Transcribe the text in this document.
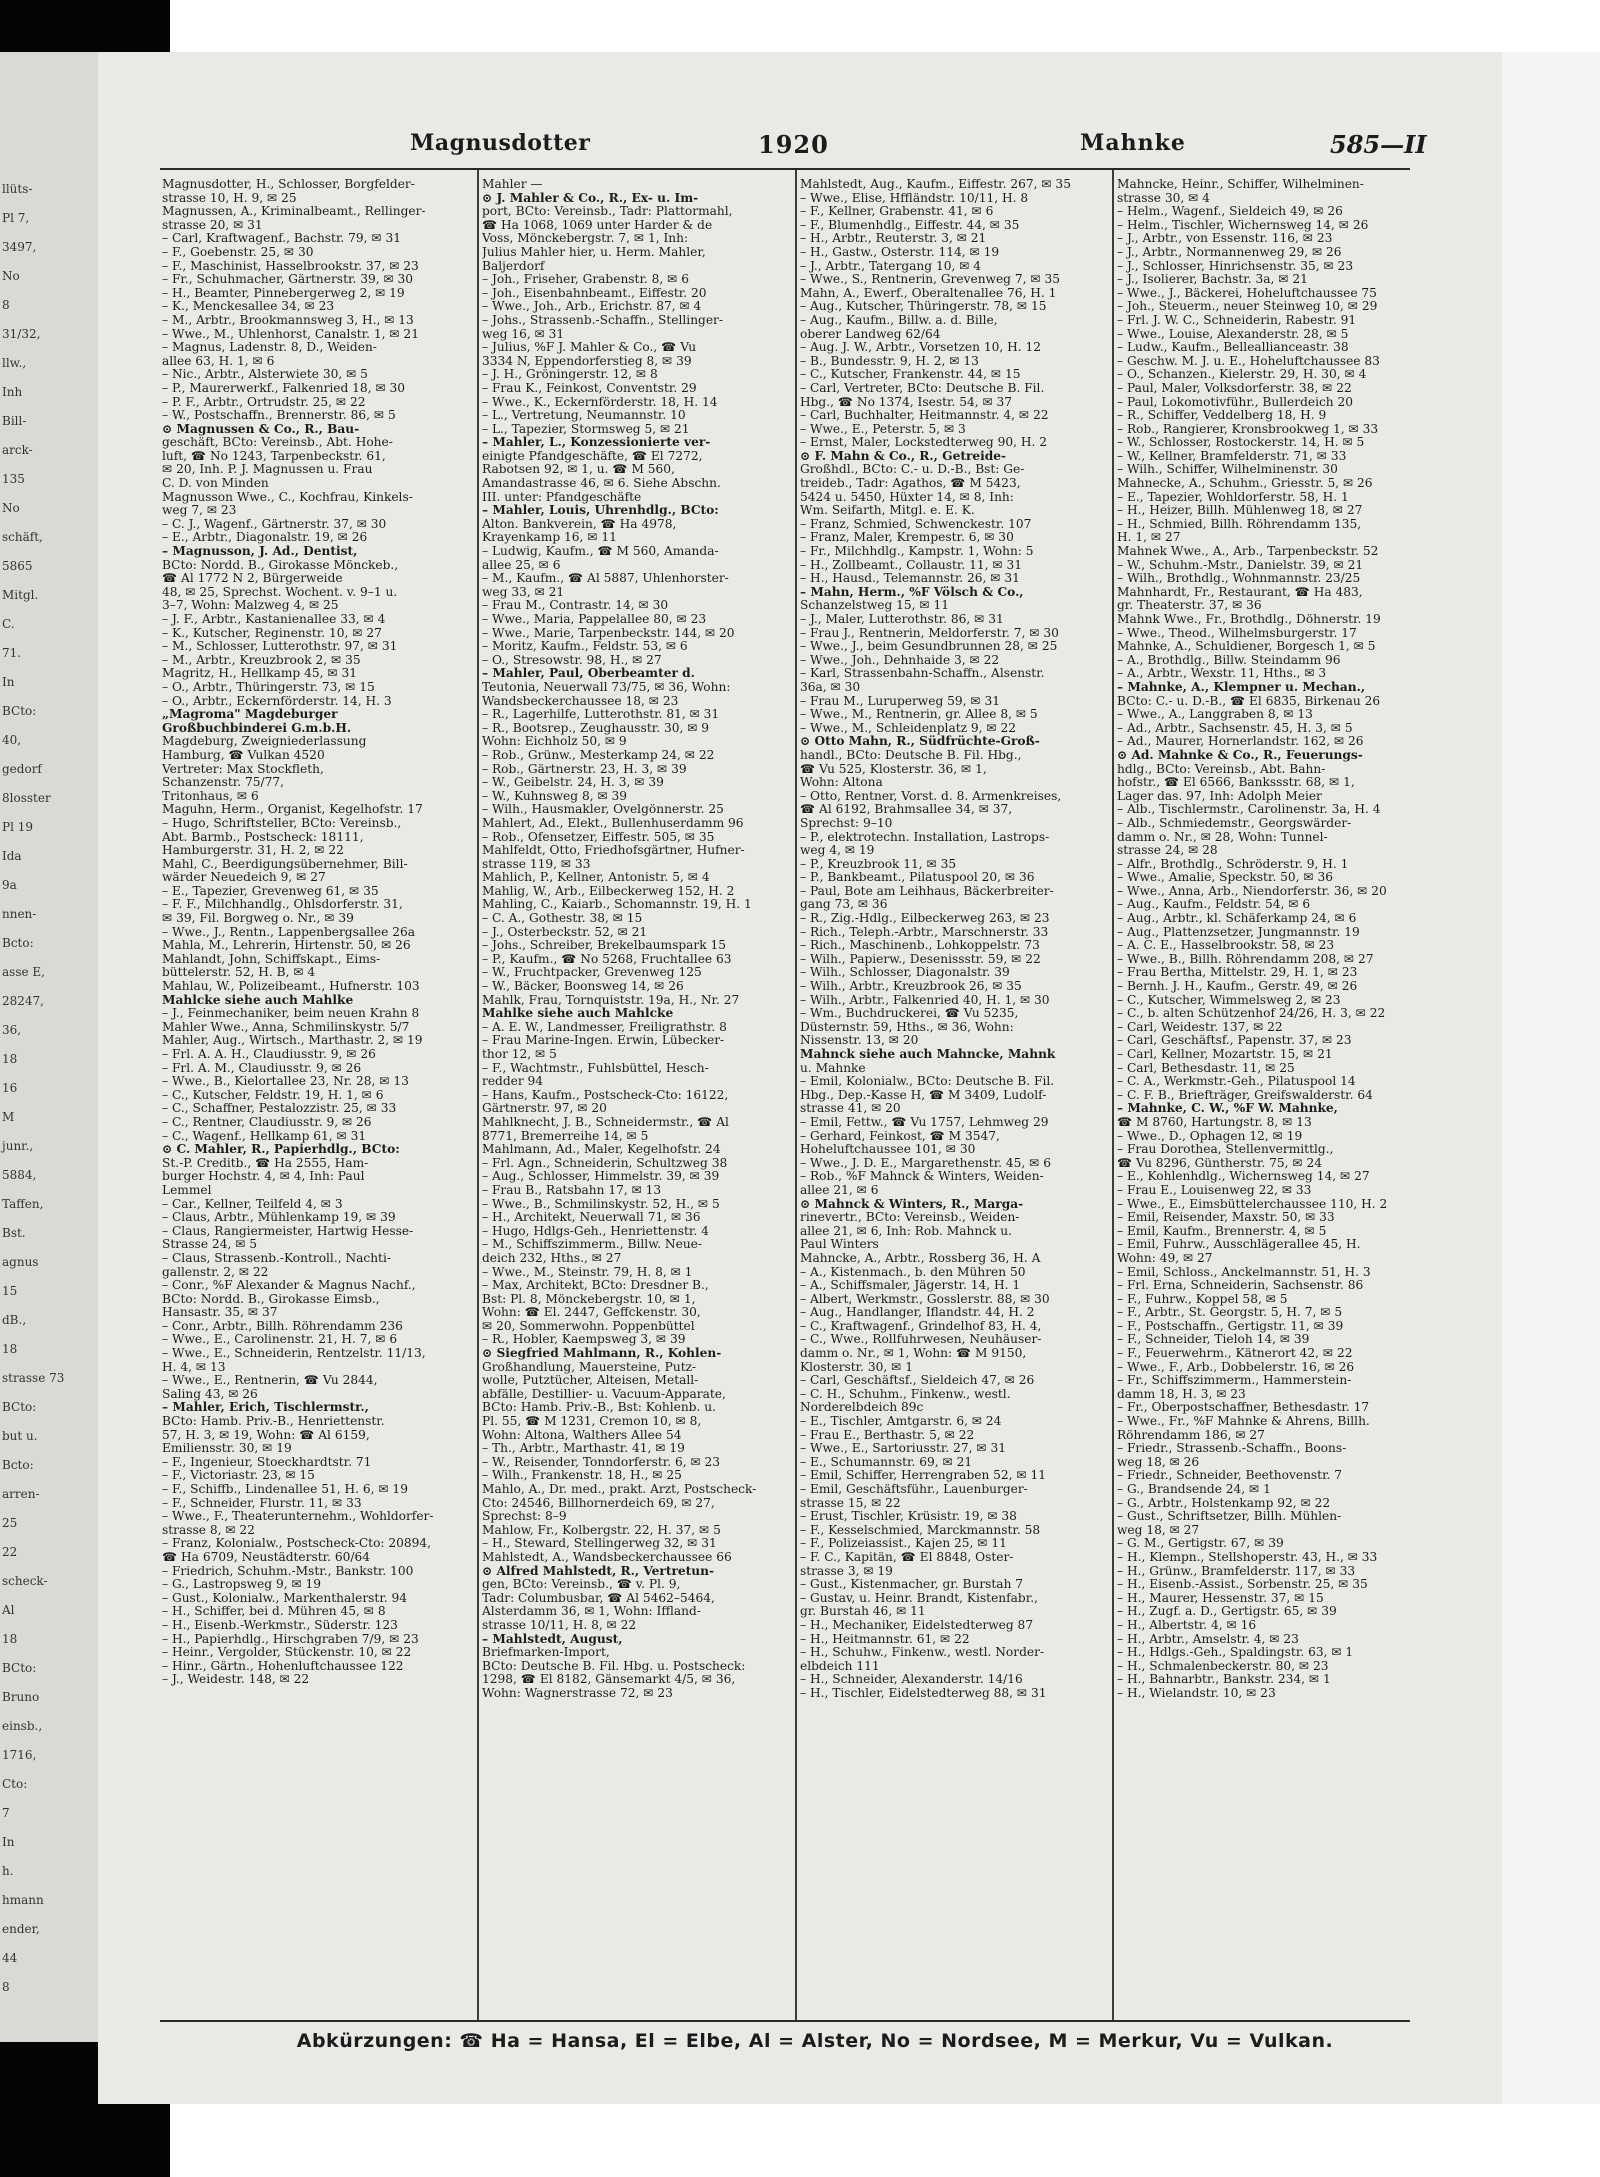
llüts-
Pl 7,
3497,
No
8
31/32,
llw.,
Inh
Bill-
arck-
135
No
schäft,
5865
Mitgl.
C.
71.
In
BCto:
40,
gedorf
8losster
Pl 19
Ida
9a
nnen-
Bcto:
asse E,
28247,
36,
18
16
M
junr.,
5884,
Taffen,
Bst.
agnus
15
dB.,
18
strasse 73
BCto:
but u.
Bcto:
arren-
25
22
scheck-
Al
18
BCto:
Bruno
einsb.,
1716,
Cto:
7
In
h.
hmann
ender,
44
8
Magnusdotter	1920	Mahnke	585—II
Magnusdotter, H., Schlosser, Borgfelder-
strasse 10, H. 9, ✉ 25
Magnussen, A., Kriminalbeamt., Rellinger-
strasse 20, ✉ 31
– Carl, Kraftwagenf., Bachstr. 79, ✉ 31
– F., Goebenstr. 25, ✉ 30
– F., Maschinist, Hasselbrookstr. 37, ✉ 23
– Fr., Schuhmacher, Gärtnerstr. 39, ✉ 30
– H., Beamter, Pinnebergerweg 2, ✉ 19
– K., Menckesallee 34, ✉ 23
– M., Arbtr., Brookmannsweg 3, H., ✉ 13
– Wwe., M., Uhlenhorst, Canalstr. 1, ✉ 21
– Magnus, Ladenstr. 8, D., Weiden-
allee 63, H. 1, ✉ 6
– Nic., Arbtr., Alsterwiete 30, ✉ 5
– P., Maurerwerkf., Falkenried 18, ✉ 30
– P. F., Arbtr., Ortrudstr. 25, ✉ 22
– W., Postschaffn., Brennerstr. 86, ✉ 5
⊙ Magnussen & Co., R., Bau-
geschäft, BCto: Vereinsb., Abt. Hohe-
luft, ☎ No 1243, Tarpenbeckstr. 61,
✉ 20, Inh. P. J. Magnussen u. Frau
C. D. von Minden
Magnusson Wwe., C., Kochfrau, Kinkels-
weg 7, ✉ 23
– C. J., Wagenf., Gärtnerstr. 37, ✉ 30
– E., Arbtr., Diagonalstr. 19, ✉ 26
– Magnusson, J. Ad., Dentist,
BCto: Nordd. B., Girokasse Mönckeb.,
☎ Al 1772 N 2, Bürgerweide
48, ✉ 25, Sprechst. Wochent. v. 9–1 u.
3–7, Wohn: Malzweg 4, ✉ 25
– J. F., Arbtr., Kastanienallee 33, ✉ 4
– K., Kutscher, Reginenstr. 10, ✉ 27
– M., Schlosser, Lutterothstr. 97, ✉ 31
– M., Arbtr., Kreuzbrook 2, ✉ 35
Magritz, H., Hellkamp 45, ✉ 31
– O., Arbtr., Thüringerstr. 73, ✉ 15
– O., Arbtr., Eckernförderstr. 14, H. 3
„Magroma" Magdeburger
Großbuchbinderei G.m.b.H.
Magdeburg, Zweigniederlassung
Hamburg, ☎ Vulkan 4520
Vertreter: Max Stockfleth,
Schanzenstr. 75/77,
Tritonhaus, ✉ 6
Maguhn, Herm., Organist, Kegelhofstr. 17
– Hugo, Schriftsteller, BCto: Vereinsb.,
Abt. Barmb., Postscheck: 18111,
Hamburgerstr. 31, H. 2, ✉ 22
Mahl, C., Beerdigungsübernehmer, Bill-
wärder Neuedeich 9, ✉ 27
– E., Tapezier, Grevenweg 61, ✉ 35
– F. F., Milchhandlg., Ohlsdorferstr. 31,
✉ 39, Fil. Borgweg o. Nr., ✉ 39
– Wwe., J., Rentn., Lappenbergsallee 26a
Mahla, M., Lehrerin, Hirtenstr. 50, ✉ 26
Mahlandt, John, Schiffskapt., Eims-
büttelerstr. 52, H. B, ✉ 4
Mahlau, W., Polizeibeamt., Hufnerstr. 103
Mahlcke siehe auch Mahlke
– J., Feinmechaniker, beim neuen Krahn 8
Mahler Wwe., Anna, Schmilinskystr. 5/7
Mahler, Aug., Wirtsch., Marthastr. 2, ✉ 19
– Frl. A. A. H., Claudiusstr. 9, ✉ 26
– Frl. A. M., Claudiusstr. 9, ✉ 26
– Wwe., B., Kielortallee 23, Nr. 28, ✉ 13
– C., Kutscher, Feldstr. 19, H. 1, ✉ 6
– C., Schaffner, Pestalozzistr. 25, ✉ 33
– C., Rentner, Claudiusstr. 9, ✉ 26
– C., Wagenf., Hellkamp 61, ✉ 31
⊙ C. Mahler, R., Papierhdlg., BCto:
St.-P. Creditb., ☎ Ha 2555, Ham-
burger Hochstr. 4, ✉ 4, Inh: Paul
Lemmel
– Car., Kellner, Teilfeld 4, ✉ 3
– Claus, Arbtr., Mühlenkamp 19, ✉ 39
– Claus, Rangiermeister, Hartwig Hesse-
Strasse 24, ✉ 5
– Claus, Strassenb.-Kontroll., Nachti-
gallenstr. 2, ✉ 22
– Conr., %F Alexander & Magnus Nachf.,
BCto: Nordd. B., Girokasse Eimsb.,
Hansastr. 35, ✉ 37
– Conr., Arbtr., Billh. Röhrendamm 236
– Wwe., E., Carolinenstr. 21, H. 7, ✉ 6
– Wwe., E., Schneiderin, Rentzelstr. 11/13,
H. 4, ✉ 13
– Wwe., E., Rentnerin, ☎ Vu 2844,
Saling 43, ✉ 26
– Mahler, Erich, Tischlermstr.,
BCto: Hamb. Priv.-B., Henriettenstr.
57, H. 3, ✉ 19, Wohn: ☎ Al 6159,
Emiliensstr. 30, ✉ 19
– F., Ingenieur, Stoeckhardtstr. 71
– F., Victoriastr. 23, ✉ 15
– F., Schiffb., Lindenallee 51, H. 6, ✉ 19
– F., Schneider, Flurstr. 11, ✉ 33
– Wwe., F., Theaterunternehm., Wohldorfer-
strasse 8, ✉ 22
– Franz, Kolonialw., Postscheck-Cto: 20894,
☎ Ha 6709, Neustädterstr. 60/64
– Friedrich, Schuhm.-Mstr., Bankstr. 100
– G., Lastropsweg 9, ✉ 19
– Gust., Kolonialw., Markenthalerstr. 94
– H., Schiffer, bei d. Mühren 45, ✉ 8
– H., Eisenb.-Werkmstr., Süderstr. 123
– H., Papierhdlg., Hirschgraben 7/9, ✉ 23
– Heinr., Vergolder, Stückenstr. 10, ✉ 22
– Hinr., Gärtn., Hohenluftchaussee 122
– J., Weidestr. 148, ✉ 22
Mahler —
⊙ J. Mahler & Co., R., Ex- u. Im-
port, BCto: Vereinsb., Tadr: Plattormahl,
☎ Ha 1068, 1069 unter Harder & de
Voss, Mönckebergstr. 7, ✉ 1, Inh:
Julius Mahler hier, u. Herm. Mahler,
Baljerdorf
– Joh., Friseher, Grabenstr. 8, ✉ 6
– Joh., Eisenbahnbeamt., Eiffestr. 20
– Wwe., Joh., Arb., Erichstr. 87, ✉ 4
– Johs., Strassenb.-Schaffn., Stellinger-
weg 16, ✉ 31
– Julius, %F J. Mahler & Co., ☎ Vu
3334 N, Eppendorferstieg 8, ✉ 39
– J. H., Gröningerstr. 12, ✉ 8
– Frau K., Feinkost, Conventstr. 29
– Wwe., K., Eckernförderstr. 18, H. 14
– L., Vertretung, Neumannstr. 10
– L., Tapezier, Stormsweg 5, ✉ 21
– Mahler, L., Konzessionierte ver-
einigte Pfandgeschäfte, ☎ El 7272,
Rabotsen 92, ✉ 1, u. ☎ M 560,
Amandastrasse 46, ✉ 6. Siehe Abschn.
III. unter: Pfandgeschäfte
– Mahler, Louis, Uhrenhdlg., BCto:
Alton. Bankverein, ☎ Ha 4978,
Krayenkamp 16, ✉ 11
– Ludwig, Kaufm., ☎ M 560, Amanda-
allee 25, ✉ 6
– M., Kaufm., ☎ Al 5887, Uhlenhorster-
weg 33, ✉ 21
– Frau M., Contrastr. 14, ✉ 30
– Wwe., Maria, Pappelallee 80, ✉ 23
– Wwe., Marie, Tarpenbeckstr. 144, ✉ 20
– Moritz, Kaufm., Feldstr. 53, ✉ 6
– O., Stresowstr. 98, H., ✉ 27
– Mahler, Paul, Oberbeamter d.
Teutonia, Neuerwall 73/75, ✉ 36, Wohn:
Wandsbeckerchaussee 18, ✉ 23
– R., Lagerhilfe, Lutterothstr. 81, ✉ 31
– R., Bootsrep., Zeughausstr. 30, ✉ 9
Wohn: Eichholz 50, ✉ 9
– Rob., Grünw., Mesterkamp 24, ✉ 22
– Rob., Gärtnerstr. 23, H. 3, ✉ 39
– W., Geibelstr. 24, H. 3, ✉ 39
– W., Kuhnsweg 8, ✉ 39
– Wilh., Hausmakler, Ovelgönnerstr. 25
Mahlert, Ad., Elekt., Bullenhuserdamm 96
– Rob., Ofensetzer, Eiffestr. 505, ✉ 35
Mahlfeldt, Otto, Friedhofsgärtner, Hufner-
strasse 119, ✉ 33
Mahlich, P., Kellner, Antonistr. 5, ✉ 4
Mahlig, W., Arb., Eilbeckerweg 152, H. 2
Mahling, C., Kaiarb., Schomannstr. 19, H. 1
– C. A., Gothestr. 38, ✉ 15
– J., Osterbeckstr. 52, ✉ 21
– Johs., Schreiber, Brekelbaumspark 15
– P., Kaufm., ☎ No 5268, Fruchtallee 63
– W., Fruchtpacker, Grevenweg 125
– W., Bäcker, Boonsweg 14, ✉ 26
Mahlk, Frau, Tornquiststr. 19a, H., Nr. 27
Mahlke siehe auch Mahlcke
– A. E. W., Landmesser, Freiligrathstr. 8
– Frau Marine-Ingen. Erwin, Lübecker-
thor 12, ✉ 5
– F., Wachtmstr., Fuhlsbüttel, Hesch-
redder 94
– Hans, Kaufm., Postscheck-Cto: 16122,
Gärtnerstr. 97, ✉ 20
Mahlknecht, J. B., Schneidermstr., ☎ Al
8771, Bremerreihe 14, ✉ 5
Mahlmann, Ad., Maler, Kegelhofstr. 24
– Frl. Agn., Schneiderin, Schultzweg 38
– Aug., Schlosser, Himmelstr. 39, ✉ 39
– Frau B., Ratsbahn 17, ✉ 13
– Wwe., B., Schmilinskystr. 52, H., ✉ 5
– H., Architekt, Neuerwall 71, ✉ 36
– Hugo, Hdlgs-Geh., Henriettenstr. 4
– M., Schiffszimmerm., Billw. Neue-
deich 232, Hths., ✉ 27
– Wwe., M., Steinstr. 79, H. 8, ✉ 1
– Max, Architekt, BCto: Dresdner B.,
Bst: Pl. 8, Mönckebergstr. 10, ✉ 1,
Wohn: ☎ El. 2447, Geffckenstr. 30,
✉ 20, Sommerwohn. Poppenbüttel
– R., Hobler, Kaempsweg 3, ✉ 39
⊙ Siegfried Mahlmann, R., Kohlen-
Großhandlung, Mauersteine, Putz-
wolle, Putztücher, Alteisen, Metall-
abfälle, Destillier- u. Vacuum-Apparate,
BCto: Hamb. Priv.-B., Bst: Kohlenb. u.
Pl. 55, ☎ M 1231, Cremon 10, ✉ 8,
Wohn: Altona, Walthers Allee 54
– Th., Arbtr., Marthastr. 41, ✉ 19
– W., Reisender, Tonndorferstr. 6, ✉ 23
– Wilh., Frankenstr. 18, H., ✉ 25
Mahlo, A., Dr. med., prakt. Arzt, Postscheck-
Cto: 24546, Billhornerdeich 69, ✉ 27,
Sprechst: 8–9
Mahlow, Fr., Kolbergstr. 22, H. 37, ✉ 5
– H., Steward, Stellingerweg 32, ✉ 31
Mahlstedt, A., Wandsbeckerchaussee 66
⊙ Alfred Mahlstedt, R., Vertretun-
gen, BCto: Vereinsb., ☎ v. Pl. 9,
Tadr: Columbusbar, ☎ Al 5462–5464,
Alsterdamm 36, ✉ 1, Wohn: Iffland-
strasse 10/11, H. 8, ✉ 22
– Mahlstedt, August,
Briefmarken-Import,
BCto: Deutsche B. Fil. Hbg. u. Postscheck:
1298, ☎ El 8182, Gänsemarkt 4/5, ✉ 36,
Wohn: Wagnerstrasse 72, ✉ 23
Mahlstedt, Aug., Kaufm., Eiffestr. 267, ✉ 35
– Wwe., Elise, Hffländstr. 10/11, H. 8
– F., Kellner, Grabenstr. 41, ✉ 6
– F., Blumenhdlg., Eiffestr. 44, ✉ 35
– H., Arbtr., Reuterstr. 3, ✉ 21
– H., Gastw., Osterstr. 114, ✉ 19
– J., Arbtr., Tatergang 10, ✉ 4
– Wwe., S., Rentnerin, Grevenweg 7, ✉ 35
Mahn, A., Ewerf., Oberaltenallee 76, H. 1
– Aug., Kutscher, Thüringerstr. 78, ✉ 15
– Aug., Kaufm., Billw. a. d. Bille,
oberer Landweg 62/64
– Aug. J. W., Arbtr., Vorsetzen 10, H. 12
– B., Bundesstr. 9, H. 2, ✉ 13
– C., Kutscher, Frankenstr. 44, ✉ 15
– Carl, Vertreter, BCto: Deutsche B. Fil.
Hbg., ☎ No 1374, Isestr. 54, ✉ 37
– Carl, Buchhalter, Heitmannstr. 4, ✉ 22
– Wwe., E., Peterstr. 5, ✉ 3
– Ernst, Maler, Lockstedterweg 90, H. 2
⊙ F. Mahn & Co., R., Getreide-
Großhdl., BCto: C.- u. D.-B., Bst: Ge-
treideb., Tadr: Agathos, ☎ M 5423,
5424 u. 5450, Hüxter 14, ✉ 8, Inh:
Wm. Seifarth, Mitgl. e. E. K.
– Franz, Schmied, Schwenckestr. 107
– Franz, Maler, Krempestr. 6, ✉ 30
– Fr., Milchhdlg., Kampstr. 1, Wohn: 5
– H., Zollbeamt., Collaustr. 11, ✉ 31
– H., Hausd., Telemannstr. 26, ✉ 31
– Mahn, Herm., %F Völsch & Co.,
Schanzelstweg 15, ✉ 11
– J., Maler, Lutterothstr. 86, ✉ 31
– Frau J., Rentnerin, Meldorferstr. 7, ✉ 30
– Wwe., J., beim Gesundbrunnen 28, ✉ 25
– Wwe., Joh., Dehnhaide 3, ✉ 22
– Karl, Strassenbahn-Schaffn., Alsenstr.
36a, ✉ 30
– Frau M., Luruperweg 59, ✉ 31
– Wwe., M., Rentnerin, gr. Allee 8, ✉ 5
– Wwe., M., Schleidenplatz 9, ✉ 22
⊙ Otto Mahn, R., Südfrüchte-Groß-
handl., BCto: Deutsche B. Fil. Hbg.,
☎ Vu 525, Klosterstr. 36, ✉ 1,
Wohn: Altona
– Otto, Rentner, Vorst. d. 8. Armenkreises,
☎ Al 6192, Brahmsallee 34, ✉ 37,
Sprechst: 9–10
– P., elektrotechn. Installation, Lastrops-
weg 4, ✉ 19
– P., Kreuzbrook 11, ✉ 35
– P., Bankbeamt., Pilatuspool 20, ✉ 36
– Paul, Bote am Leihhaus, Bäckerbreiter-
gang 73, ✉ 36
– R., Zig.-Hdlg., Eilbeckerweg 263, ✉ 23
– Rich., Teleph.-Arbtr., Marschnerstr. 33
– Rich., Maschinenb., Lohkoppelstr. 73
– Wilh., Papierw., Desenissstr. 59, ✉ 22
– Wilh., Schlosser, Diagonalstr. 39
– Wilh., Arbtr., Kreuzbrook 26, ✉ 35
– Wilh., Arbtr., Falkenried 40, H. 1, ✉ 30
– Wm., Buchdruckerei, ☎ Vu 5235,
Düsternstr. 59, Hths., ✉ 36, Wohn:
Nissenstr. 13, ✉ 20
Mahnck siehe auch Mahncke, Mahnk
u. Mahnke
– Emil, Kolonialw., BCto: Deutsche B. Fil.
Hbg., Dep.-Kasse H, ☎ M 3409, Ludolf-
strasse 41, ✉ 20
– Emil, Fettw., ☎ Vu 1757, Lehmweg 29
– Gerhard, Feinkost, ☎ M 3547,
Hoheluftchaussee 101, ✉ 30
– Wwe., J. D. E., Margarethenstr. 45, ✉ 6
– Rob., %F Mahnck & Winters, Weiden-
allee 21, ✉ 6
⊙ Mahnck & Winters, R., Marga-
rinevertr., BCto: Vereinsb., Weiden-
allee 21, ✉ 6, Inh: Rob. Mahnck u.
Paul Winters
Mahncke, A., Arbtr., Rossberg 36, H. A
– A., Kistenmach., b. den Mühren 50
– A., Schiffsmaler, Jägerstr. 14, H. 1
– Albert, Werkmstr., Gosslerstr. 88, ✉ 30
– Aug., Handlanger, Iflandstr. 44, H. 2
– C., Kraftwagenf., Grindelhof 83, H. 4,
– C., Wwe., Rollfuhrwesen, Neuhäuser-
damm o. Nr., ✉ 1, Wohn: ☎ M 9150,
Klosterstr. 30, ✉ 1
– Carl, Geschäftsf., Sieldeich 47, ✉ 26
– C. H., Schuhm., Finkenw., westl.
Norderelbdeich 89c
– E., Tischler, Amtgarstr. 6, ✉ 24
– Frau E., Berthastr. 5, ✉ 22
– Wwe., E., Sartoriusstr. 27, ✉ 31
– E., Schumannstr. 69, ✉ 21
– Emil, Schiffer, Herrengraben 52, ✉ 11
– Emil, Geschäftsführ., Lauenburger-
strasse 15, ✉ 22
– Erust, Tischler, Krüsistr. 19, ✉ 38
– F., Kesselschmied, Marckmannstr. 58
– F., Polizeiassist., Kajen 25, ✉ 11
– F. C., Kapitän, ☎ El 8848, Oster-
strasse 3, ✉ 19
– Gust., Kistenmacher, gr. Burstah 7
– Gustav, u. Heinr. Brandt, Kistenfabr.,
gr. Burstah 46, ✉ 11
– H., Mechaniker, Eidelstedterweg 87
– H., Heitmannstr. 61, ✉ 22
– H., Schuhw., Finkenw., westl. Norder-
elbdeich 111
– H., Schneider, Alexanderstr. 14/16
– H., Tischler, Eidelstedterweg 88, ✉ 31
Mahncke, Heinr., Schiffer, Wilhelminen-
strasse 30, ✉ 4
– Helm., Wagenf., Sieldeich 49, ✉ 26
– Helm., Tischler, Wichernsweg 14, ✉ 26
– J., Arbtr., von Essenstr. 116, ✉ 23
– J., Arbtr., Normannenweg 29, ✉ 26
– J., Schlosser, Hinrichsenstr. 35, ✉ 23
– J., Isolierer, Bachstr. 3a, ✉ 21
– Wwe., J., Bäckerei, Hoheluftchaussee 75
– Joh., Steuerm., neuer Steinweg 10, ✉ 29
– Frl. J. W. C., Schneiderin, Rabestr. 91
– Wwe., Louise, Alexanderstr. 28, ✉ 5
– Ludw., Kaufm., Belleallianceastr. 38
– Geschw. M. J. u. E., Hoheluftchaussee 83
– O., Schanzen., Kielerstr. 29, H. 30, ✉ 4
– Paul, Maler, Volksdorferstr. 38, ✉ 22
– Paul, Lokomotivführ., Bullerdeich 20
– R., Schiffer, Veddelberg 18, H. 9
– Rob., Rangierer, Kronsbrookweg 1, ✉ 33
– W., Schlosser, Rostockerstr. 14, H. ✉ 5
– W., Kellner, Bramfelderstr. 71, ✉ 33
– Wilh., Schiffer, Wilhelminenstr. 30
Mahnecke, A., Schuhm., Griesstr. 5, ✉ 26
– E., Tapezier, Wohldorferstr. 58, H. 1
– H., Heizer, Billh. Mühlenweg 18, ✉ 27
– H., Schmied, Billh. Röhrendamm 135,
H. 1, ✉ 27
Mahnek Wwe., A., Arb., Tarpenbeckstr. 52
– W., Schuhm.-Mstr., Danielstr. 39, ✉ 21
– Wilh., Brothdlg., Wohnmannstr. 23/25
Mahnhardt, Fr., Restaurant, ☎ Ha 483,
gr. Theaterstr. 37, ✉ 36
Mahnk Wwe., Fr., Brothdlg., Döhnerstr. 19
– Wwe., Theod., Wilhelmsburgerstr. 17
Mahnke, A., Schuldiener, Borgesch 1, ✉ 5
– A., Brothdlg., Billw. Steindamm 96
– A., Arbtr., Wexstr. 11, Hths., ✉ 3
– Mahnke, A., Klempner u. Mechan.,
BCto: C.- u. D.-B., ☎ El 6835, Birkenau 26
– Wwe., A., Langgraben 8, ✉ 13
– Ad., Arbtr., Sachsenstr. 45, H. 3, ✉ 5
– Ad., Maurer, Hornerlandstr. 162, ✉ 26
⊙ Ad. Mahnke & Co., R., Feuerungs-
hdlg., BCto: Vereinsb., Abt. Bahn-
hofstr., ☎ El 6566, Bankssstr. 68, ✉ 1,
Lager das. 97, Inh: Adolph Meier
– Alb., Tischlermstr., Carolinenstr. 3a, H. 4
– Alb., Schmiedemstr., Georgswärder-
damm o. Nr., ✉ 28, Wohn: Tunnel-
strasse 24, ✉ 28
– Alfr., Brothdlg., Schröderstr. 9, H. 1
– Wwe., Amalie, Speckstr. 50, ✉ 36
– Wwe., Anna, Arb., Niendorferstr. 36, ✉ 20
– Aug., Kaufm., Feldstr. 54, ✉ 6
– Aug., Arbtr., kl. Schäferkamp 24, ✉ 6
– Aug., Plattenzsetzer, Jungmannstr. 19
– A. C. E., Hasselbrookstr. 58, ✉ 23
– Wwe., B., Billh. Röhrendamm 208, ✉ 27
– Frau Bertha, Mittelstr. 29, H. 1, ✉ 23
– Bernh. J. H., Kaufm., Gerstr. 49, ✉ 26
– C., Kutscher, Wimmelsweg 2, ✉ 23
– C., b. alten Schützenhof 24/26, H. 3, ✉ 22
– Carl, Weidestr. 137, ✉ 22
– Carl, Geschäftsf., Papenstr. 37, ✉ 23
– Carl, Kellner, Mozartstr. 15, ✉ 21
– Carl, Bethesdastr. 11, ✉ 25
– C. A., Werkmstr.-Geh., Pilatuspool 14
– C. F. B., Briefträger, Greifswalderstr. 64
– Mahnke, C. W., %F W. Mahnke,
☎ M 8760, Hartungstr. 8, ✉ 13
– Wwe., D., Ophagen 12, ✉ 19
– Frau Dorothea, Stellenvermittlg.,
☎ Vu 8296, Güntherstr. 75, ✉ 24
– E., Kohlenhdlg., Wichernsweg 14, ✉ 27
– Frau E., Louisenweg 22, ✉ 33
– Wwe., E., Eimsbüttelerchaussee 110, H. 2
– Emil, Reisender, Maxstr. 50, ✉ 33
– Emil, Kaufm., Brennerstr. 4, ✉ 5
– Emil, Fuhrw., Ausschlägerallee 45, H.
Wohn: 49, ✉ 27
– Emil, Schloss., Anckelmannstr. 51, H. 3
– Frl. Erna, Schneiderin, Sachsenstr. 86
– F., Fuhrw., Koppel 58, ✉ 5
– F., Arbtr., St. Georgstr. 5, H. 7, ✉ 5
– F., Postschaffn., Gertigstr. 11, ✉ 39
– F., Schneider, Tieloh 14, ✉ 39
– F., Feuerwehrm., Kätnerort 42, ✉ 22
– Wwe., F., Arb., Dobbelerstr. 16, ✉ 26
– Fr., Schiffszimmerm., Hammerstein-
damm 18, H. 3, ✉ 23
– Fr., Oberpostschaffner, Bethesdastr. 17
– Wwe., Fr., %F Mahnke & Ahrens, Billh.
Röhrendamm 186, ✉ 27
– Friedr., Strassenb.-Schaffn., Boons-
weg 18, ✉ 26
– Friedr., Schneider, Beethovenstr. 7
– G., Brandsende 24, ✉ 1
– G., Arbtr., Holstenkamp 92, ✉ 22
– Gust., Schriftsetzer, Billh. Mühlen-
weg 18, ✉ 27
– G. M., Gertigstr. 67, ✉ 39
– H., Klempn., Stellshoperstr. 43, H., ✉ 33
– H., Grünw., Bramfelderstr. 117, ✉ 33
– H., Eisenb.-Assist., Sorbenstr. 25, ✉ 35
– H., Maurer, Hessenstr. 37, ✉ 15
– H., Zugf. a. D., Gertigstr. 65, ✉ 39
– H., Albertstr. 4, ✉ 16
– H., Arbtr., Amselstr. 4, ✉ 23
– H., Hdlgs.-Geh., Spaldingstr. 63, ✉ 1
– H., Schmalenbeckerstr. 80, ✉ 23
– H., Bahnarbtr., Bankstr. 234, ✉ 1
– H., Wielandstr. 10, ✉ 23
Abkürzungen: ☎ Ha = Hansa, El = Elbe, Al = Alster, No = Nordsee, M = Merkur, Vu = Vulkan.
